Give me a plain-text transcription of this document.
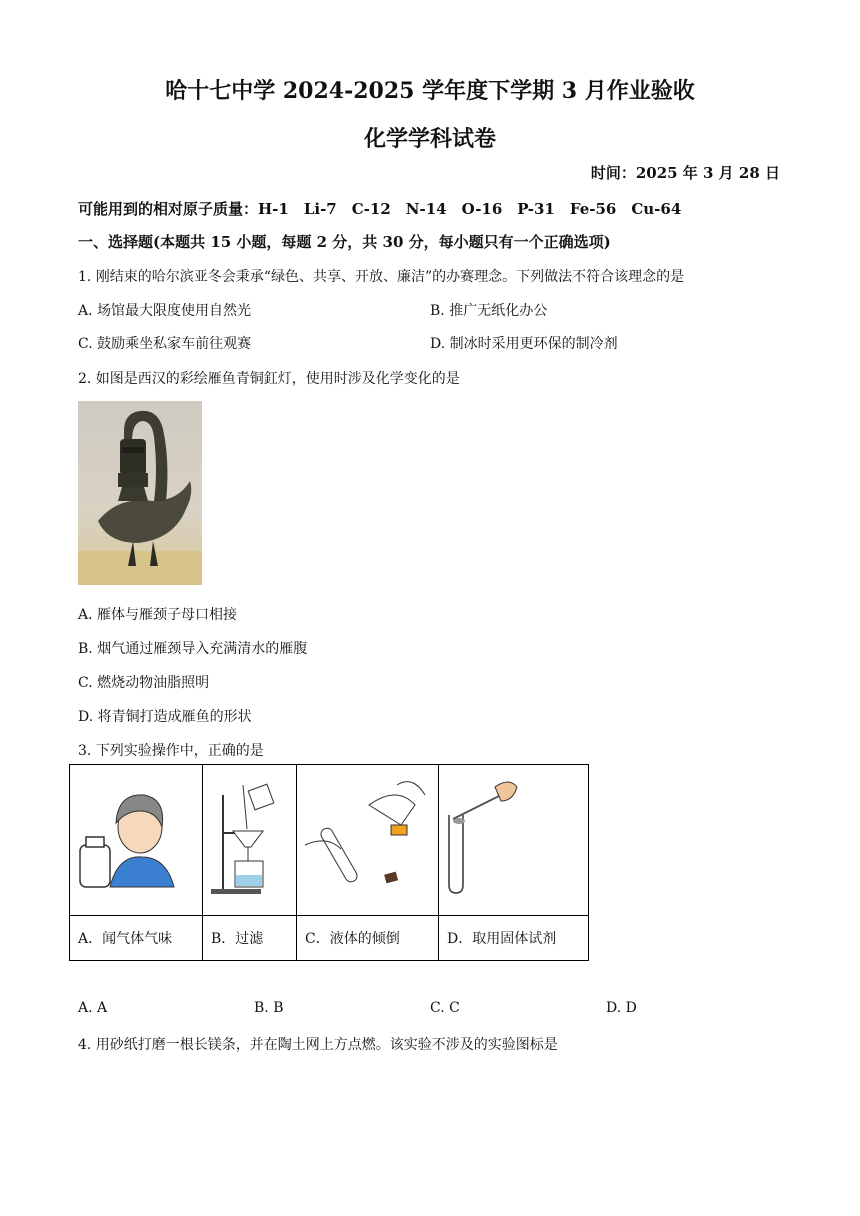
哈十七中学 2024-2025 学年度下学期 3 月作业验收
化学学科试卷
时间：2025 年 3 月 28 日
可能用到的相对原子质量：H-1　Li-7　C-12　N-14　O-16　P-31　Fe-56　Cu-64
一、选择题(本题共 15 小题，每题 2 分，共 30 分，每小题只有一个正确选项)
1. 刚结束的哈尔滨亚冬会秉承“绿色、共享、开放、廉洁”的办赛理念。下列做法不符合该理念的是
A. 场馆最大限度使用自然光	B. 推广无纸化办公
C. 鼓励乘坐私家车前往观赛	D. 制冰时采用更环保的制冷剂
2. 如图是西汉的彩绘雁鱼青铜釭灯，使用时涉及化学变化的是
A. 雁体与雁颈子母口相接
B. 烟气通过雁颈导入充满清水的雁腹
C. 燃烧动物油脂照明
D. 将青铜打造成雁鱼的形状
3. 下列实验操作中，正确的是

A．闻气体气味	B．过滤	C．液体的倾倒	D．取用固体试剂
A. A	B. B	C. C	D. D
4. 用砂纸打磨一根长镁条，并在陶土网上方点燃。该实验不涉及的实验图标是
